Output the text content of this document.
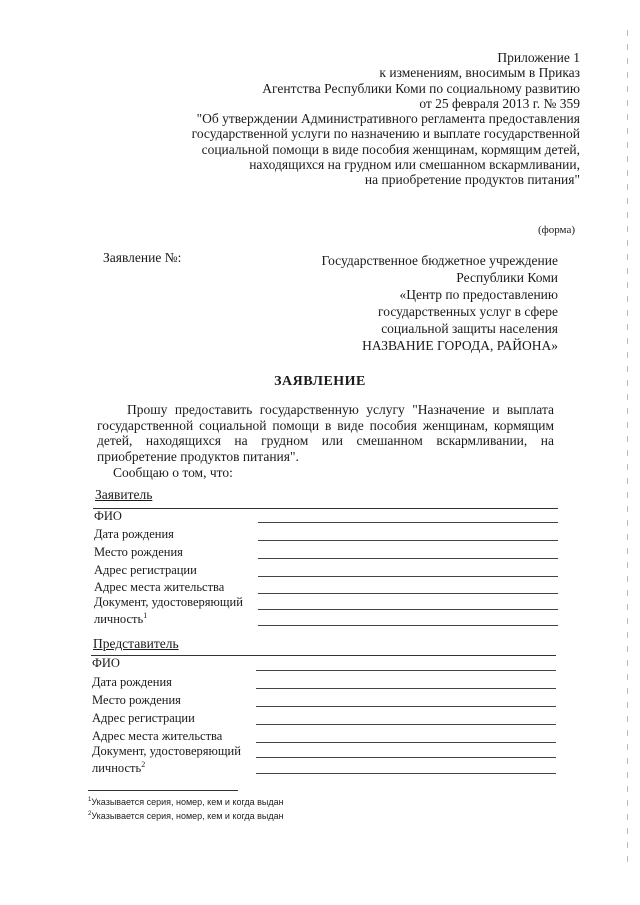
Приложение 1
к изменениям, вносимым в Приказ
Агентства Республики Коми по социальному развитию
от 25 февраля 2013 г. № 359
"Об утверждении Административного регламента предоставления
государственной услуги по назначению и выплате государственной
социальной помощи в виде пособия женщинам, кормящим детей,
находящихся на грудном или смешанном вскармливании,
на приобретение продуктов питания"
(форма)
Заявление №:	Государственное бюджетное учреждение
Республики Коми
«Центр по предоставлению
государственных услуг в сфере
социальной защиты населения
НАЗВАНИЕ ГОРОДА, РАЙОНА»
ЗАЯВЛЕНИЕ
Прошу предоставить государственную услугу "Назначение и выплата государственной социальной помощи в виде пособия женщинам, кормящим детей, находящихся на грудном или смешанном вскармливании, на приобретение продуктов питания".
Сообщаю о том, что:
Заявитель
ФИО
Дата рождения
Место рождения
Адрес регистрации
Адрес места жительства
Документ, удостоверяющий
личность$^1$
Представитель
ФИО
Дата рождения
Место рождения
Адрес регистрации
Адрес места жительства
Документ, удостоверяющий
личность$^2$
$^1$Указывается серия, номер, кем и когда выдан
$^2$Указывается серия, номер, кем и когда выдан
